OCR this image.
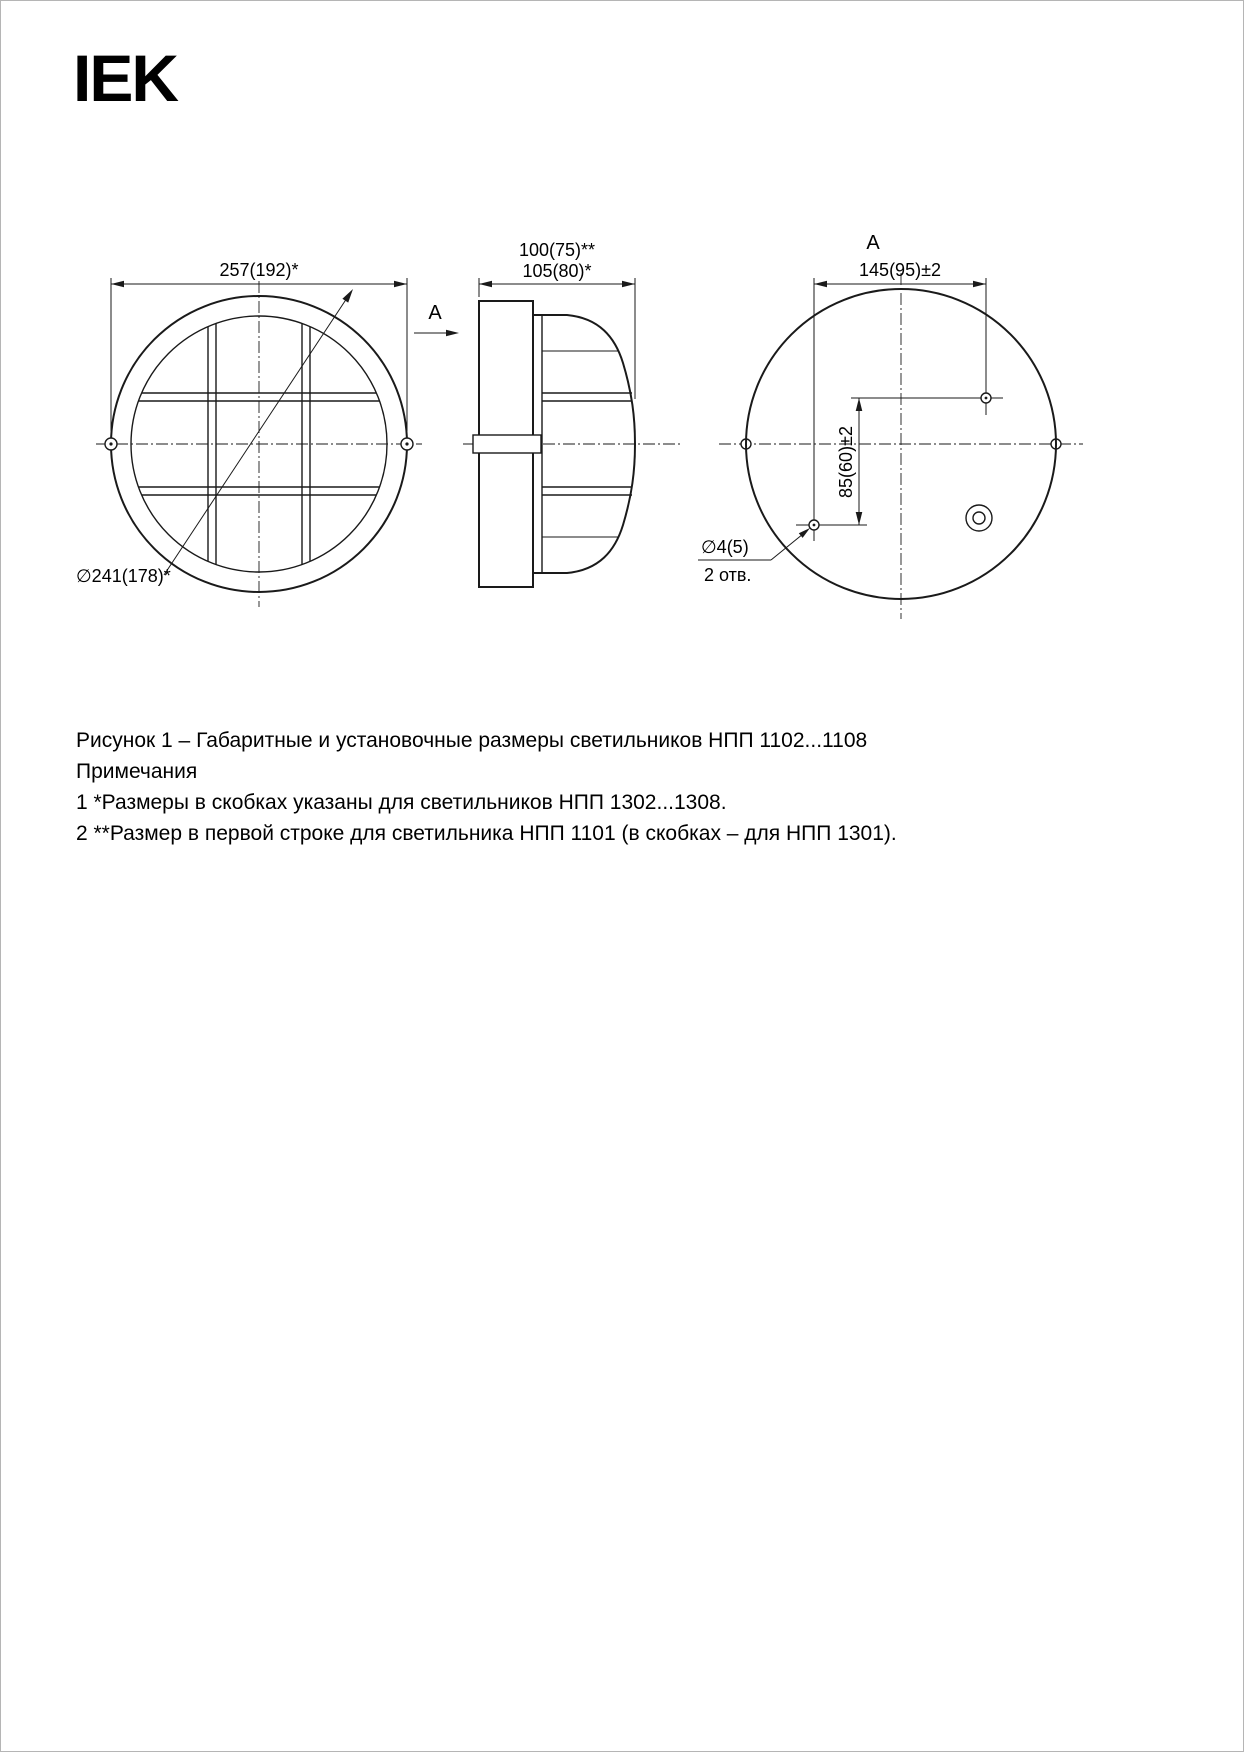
IEK
257(192)*
∅241(178)*
А
100(75)**
105(80)*
А
145(95)±2
85(60)±2
∅4(5)
2 отв.
Рисунок 1 – Габаритные и установочные размеры светильников НПП 1102...1108
Примечания
1 *Размеры в скобках указаны для светильников НПП 1302...1308.
2 **Размер в первой строке для светильника НПП 1101 (в скобках – для НПП 1301).
